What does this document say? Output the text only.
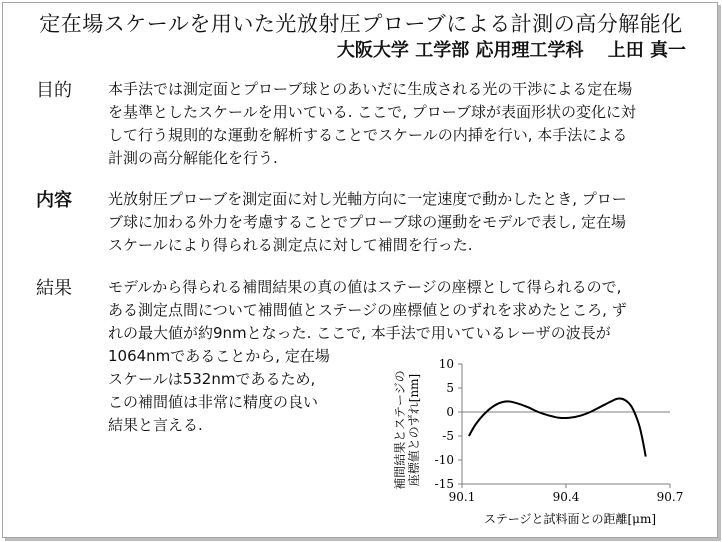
定在場スケールを用いた光放射圧プローブによる計測の高分解能化
大阪大学 工学部 応用理工学科　 上田 真一
目的 本手法では測定面とプローブ球とのあいだに生成される光の干渉による定在場
を基準としたスケールを用いている. ここで, プローブ球が表面形状の変化に対
して行う規則的な運動を解析することでスケールの内挿を行い, 本手法による
計測の高分解能化を行う.
内容 光放射圧プローブを測定面に対し光軸方向に一定速度で動かしたとき, プロー
ブ球に加わる外力を考慮することでプローブ球の運動をモデルで表し, 定在場
スケールにより得られる測定点に対して補間を行った.
結果 モデルから得られる補間結果の真の値はステージの座標として得られるので,
ある測定点間について補間値とステージの座標値とのずれを求めたところ, ず
れの最大値が約9nmとなった. ここで, 本手法で用いているレーザの波長が
1064nmであることから, 定在場
スケールは532nmであるため,
この補間値は非常に精度の良い
結果と言える.
10
5
0
-5
-10
-15
90.1	90.4	90.7
ステージと試料面との距離[μm]
補間結果とステージの 座標値とのずれ[nm]
